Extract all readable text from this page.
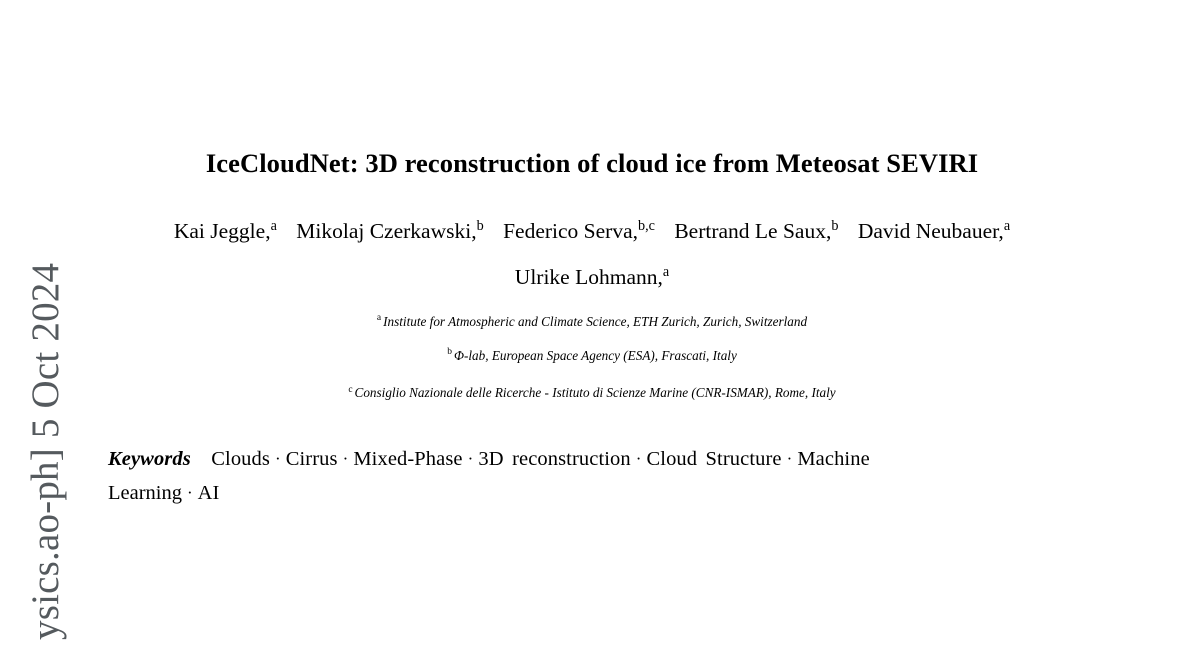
ysics.ao-ph] 5 Oct 2024
IceCloudNet: 3D reconstruction of cloud ice from Meteosat SEVIRI
Kai Jeggle,$^a$ Mikolaj Czerkawski,$^b$ Federico Serva,$^{b,c}$ Bertrand Le Saux,$^b$ David Neubauer,$^a$
Ulrike Lohmann,$^a$
$^a$ Institute for Atmospheric and Climate Science, ETH Zurich, Zurich, Switzerland
$^b$ Φ-lab, European Space Agency (ESA), Frascati, Italy
$^c$ Consiglio Nazionale delle Ricerche - Istituto di Scienze Marine (CNR-ISMAR), Rome, Italy
Keywords Clouds · Cirrus · Mixed-Phase · 3D reconstruction · Cloud Structure · Machine
Learning · AI
